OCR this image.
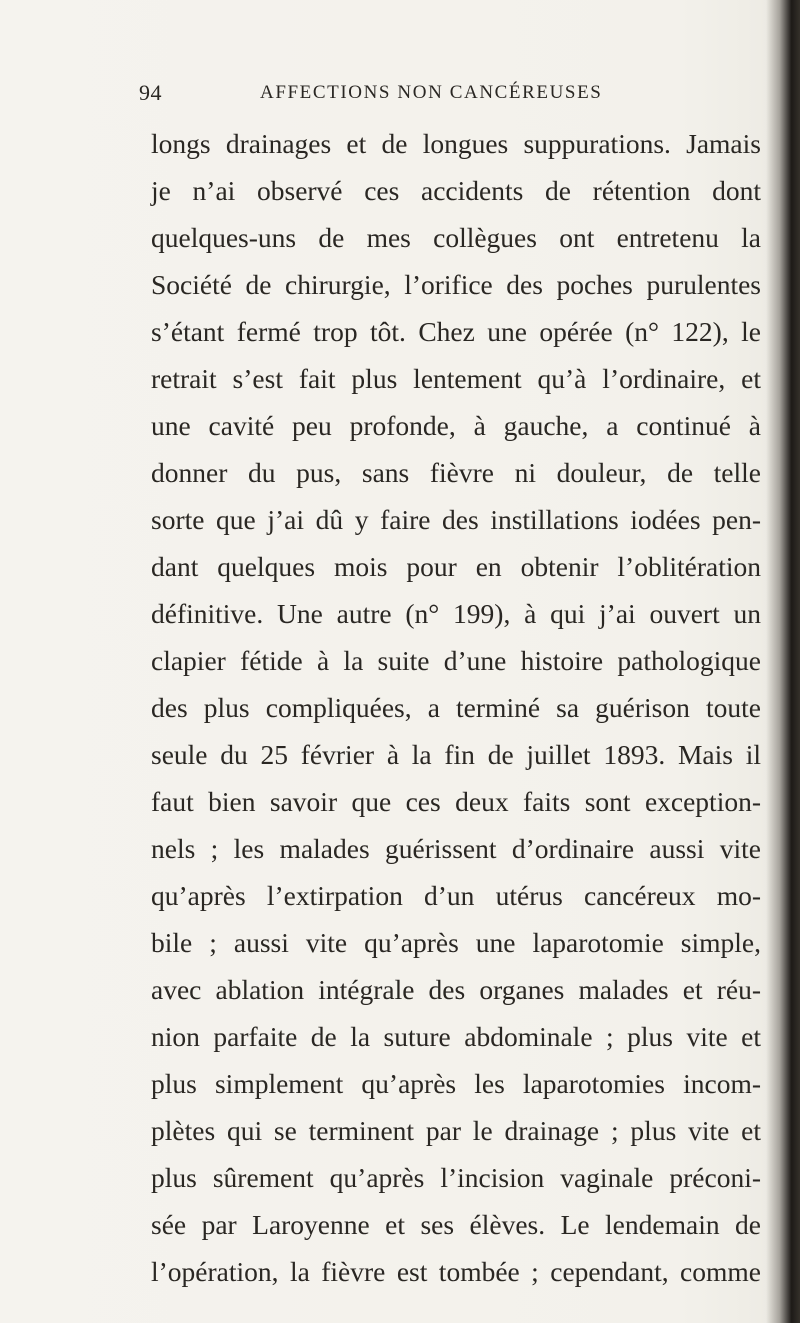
94	AFFECTIONS NON CANCÉREUSES
longs drainages et de longues suppurations. Jamais
je n’ai observé ces accidents de rétention dont
quelques-uns de mes collègues ont entretenu la
Société de chirurgie, l’orifice des poches purulentes
s’étant fermé trop tôt. Chez une opérée (n° 122), le
retrait s’est fait plus lentement qu’à l’ordinaire, et
une cavité peu profonde, à gauche, a continué à
donner du pus, sans fièvre ni douleur, de telle
sorte que j’ai dû y faire des instillations iodées pen-
dant quelques mois pour en obtenir l’oblitération
définitive. Une autre (n° 199), à qui j’ai ouvert un
clapier fétide à la suite d’une histoire pathologique
des plus compliquées, a terminé sa guérison toute
seule du 25 février à la fin de juillet 1893. Mais il
faut bien savoir que ces deux faits sont exception-
nels ; les malades guérissent d’ordinaire aussi vite
qu’après l’extirpation d’un utérus cancéreux mo-
bile ; aussi vite qu’après une laparotomie simple,
avec ablation intégrale des organes malades et réu-
nion parfaite de la suture abdominale ; plus vite et
plus simplement qu’après les laparotomies incom-
plètes qui se terminent par le drainage ; plus vite et
plus sûrement qu’après l’incision vaginale préconi-
sée par Laroyenne et ses élèves. Le lendemain de
l’opération, la fièvre est tombée ; cependant, comme
